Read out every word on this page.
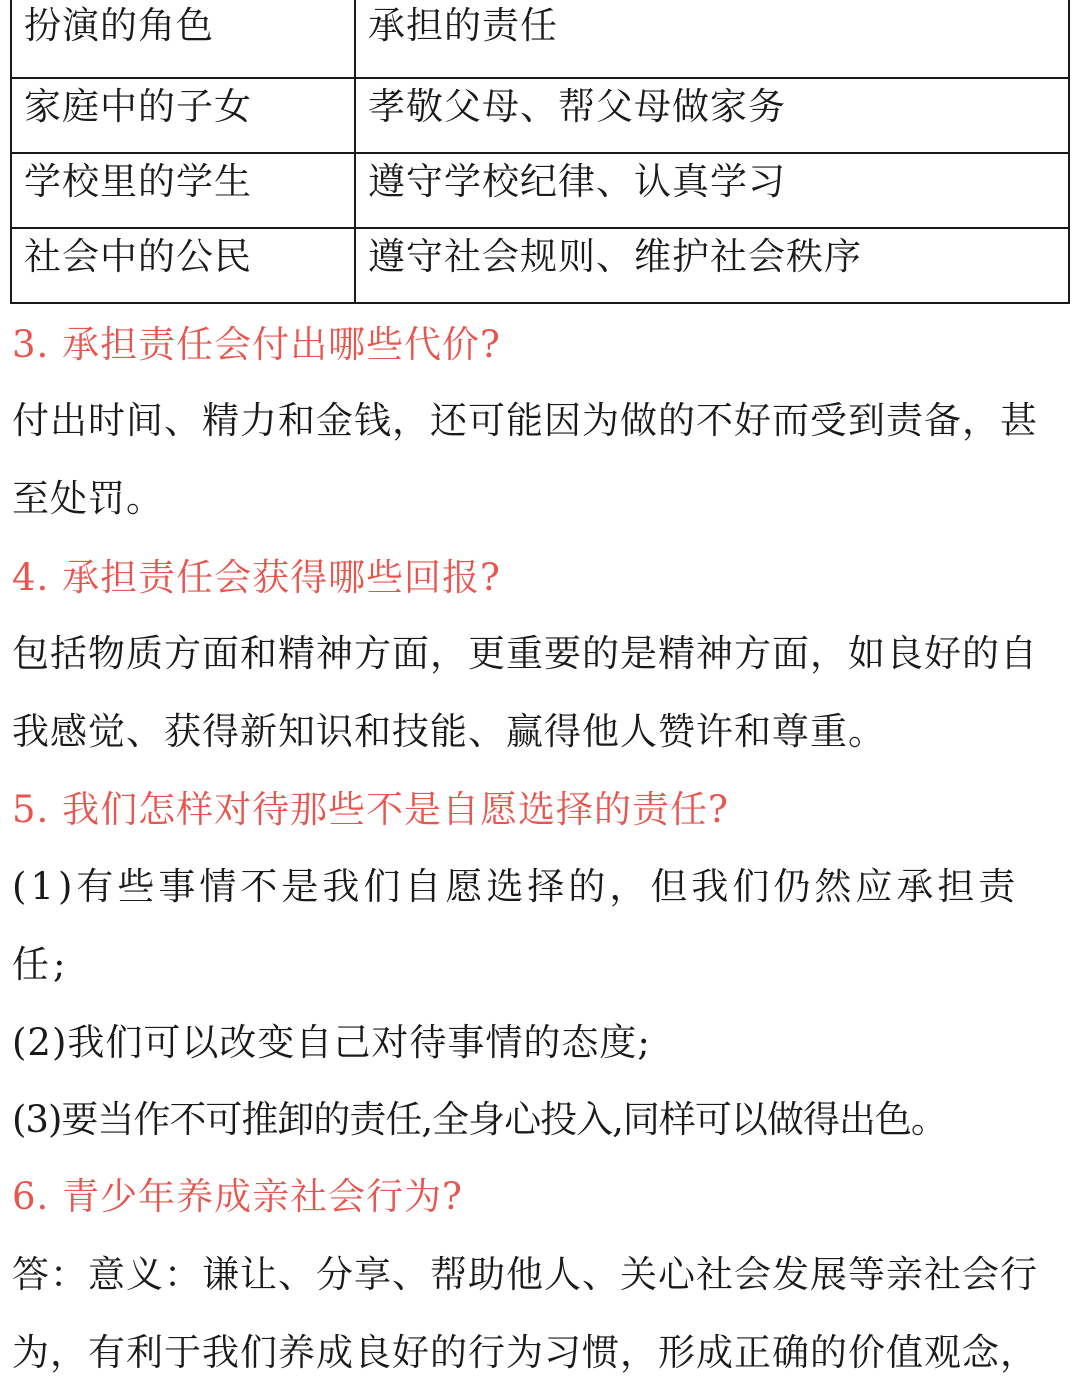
扮演的角色	承担的责任
家庭中的子女	孝敬父母、帮父母做家务
学校里的学生	遵守学校纪律、认真学习
社会中的公民	遵守社会规则、维护社会秩序
3. 承担责任会付出哪些代价?
付出时间、精力和金钱，还可能因为做的不好而受到责备，甚至处罚。
4. 承担责任会获得哪些回报?
包括物质方面和精神方面，更重要的是精神方面，如良好的自我感觉、获得新知识和技能、赢得他人赞许和尊重。
5. 我们怎样对待那些不是自愿选择的责任?
(1)有些事情不是我们自愿选择的，但我们仍然应承担责任;
(2)我们可以改变自己对待事情的态度;
(3)要当作不可推卸的责任,全身心投入,同样可以做得出色。
6. 青少年养成亲社会行为?
答：意义：谦让、分享、帮助他人、关心社会发展等亲社会行为，有利于我们养成良好的行为习惯，形成正确的价值观念，
